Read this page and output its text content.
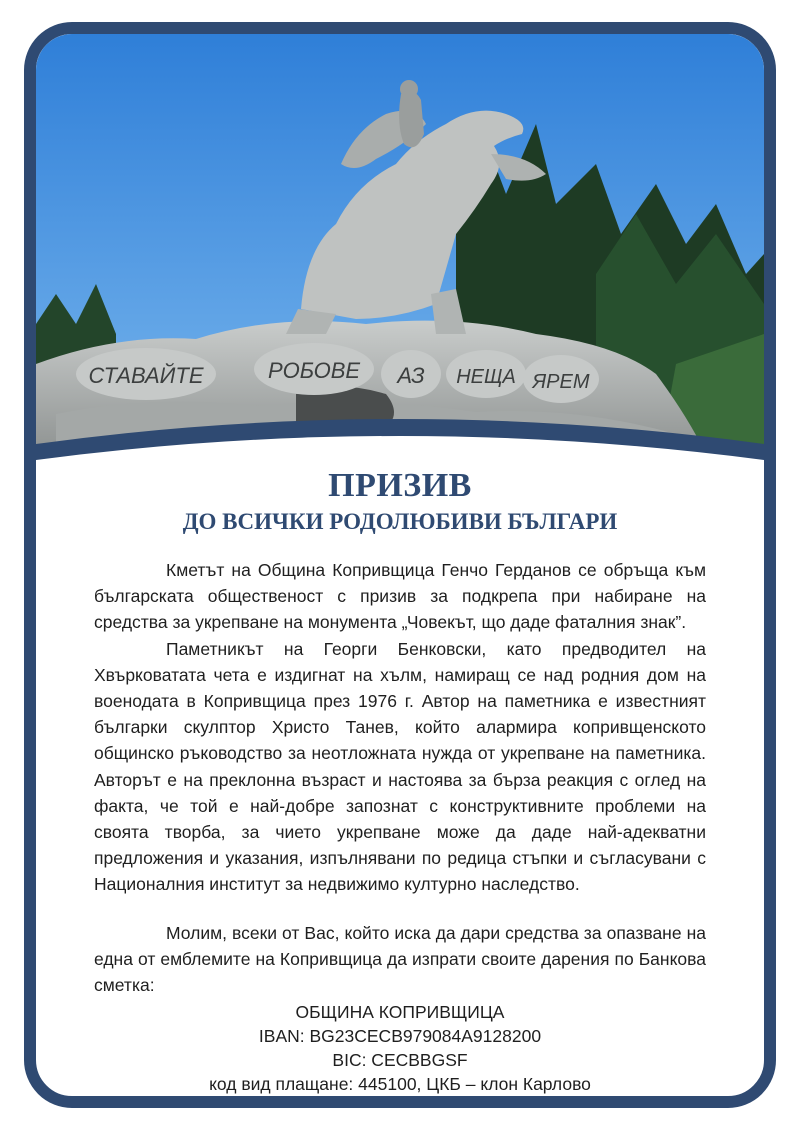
СТАВАЙТЕ	РОБОВЕ АЗ НЕЩА ЯРЕМ
ПРИЗИВ
ДО ВСИЧКИ РОДОЛЮБИВИ БЪЛГАРИ

Кметът на Община Копривщица Генчо Герданов се обръща към българската общественост с призив за подкрепа при набиране на средства за укрепване на монумента „Човекът, що даде фаталния знак”.

Паметникът на Георги Бенковски, като предводител на Хвърковатата чета е издигнат на хълм, намиращ се над родния дом на военодата в Копривщица през 1976 г. Автор на паметника е известният българки скулптор Христо Танев, който алармира копривщенското общинско ръководство за неотложната нужда от укрепване на паметника. Авторът е на преклонна възраст и настоява за бърза реакция с оглед на факта, че той е най-добре запознат с конструктивните проблеми на своята творба, за чието укрепване може да даде най-адекватни предложения и указания, изпълнявани по редица стъпки и съгласувани с Националния институт за недвижимо културно наследство.

Молим, всеки от Вас, който иска да дари средства за опазване на една от емблемите на Копривщица да изпрати своите дарения по Банкова сметка:

ОБЩИНА КОПРИВЩИЦА
IBAN: BG23CECB979084A9128200
BIC: CECBBGSF
код вид плащане: 445100, ЦКБ – клон Карлово
